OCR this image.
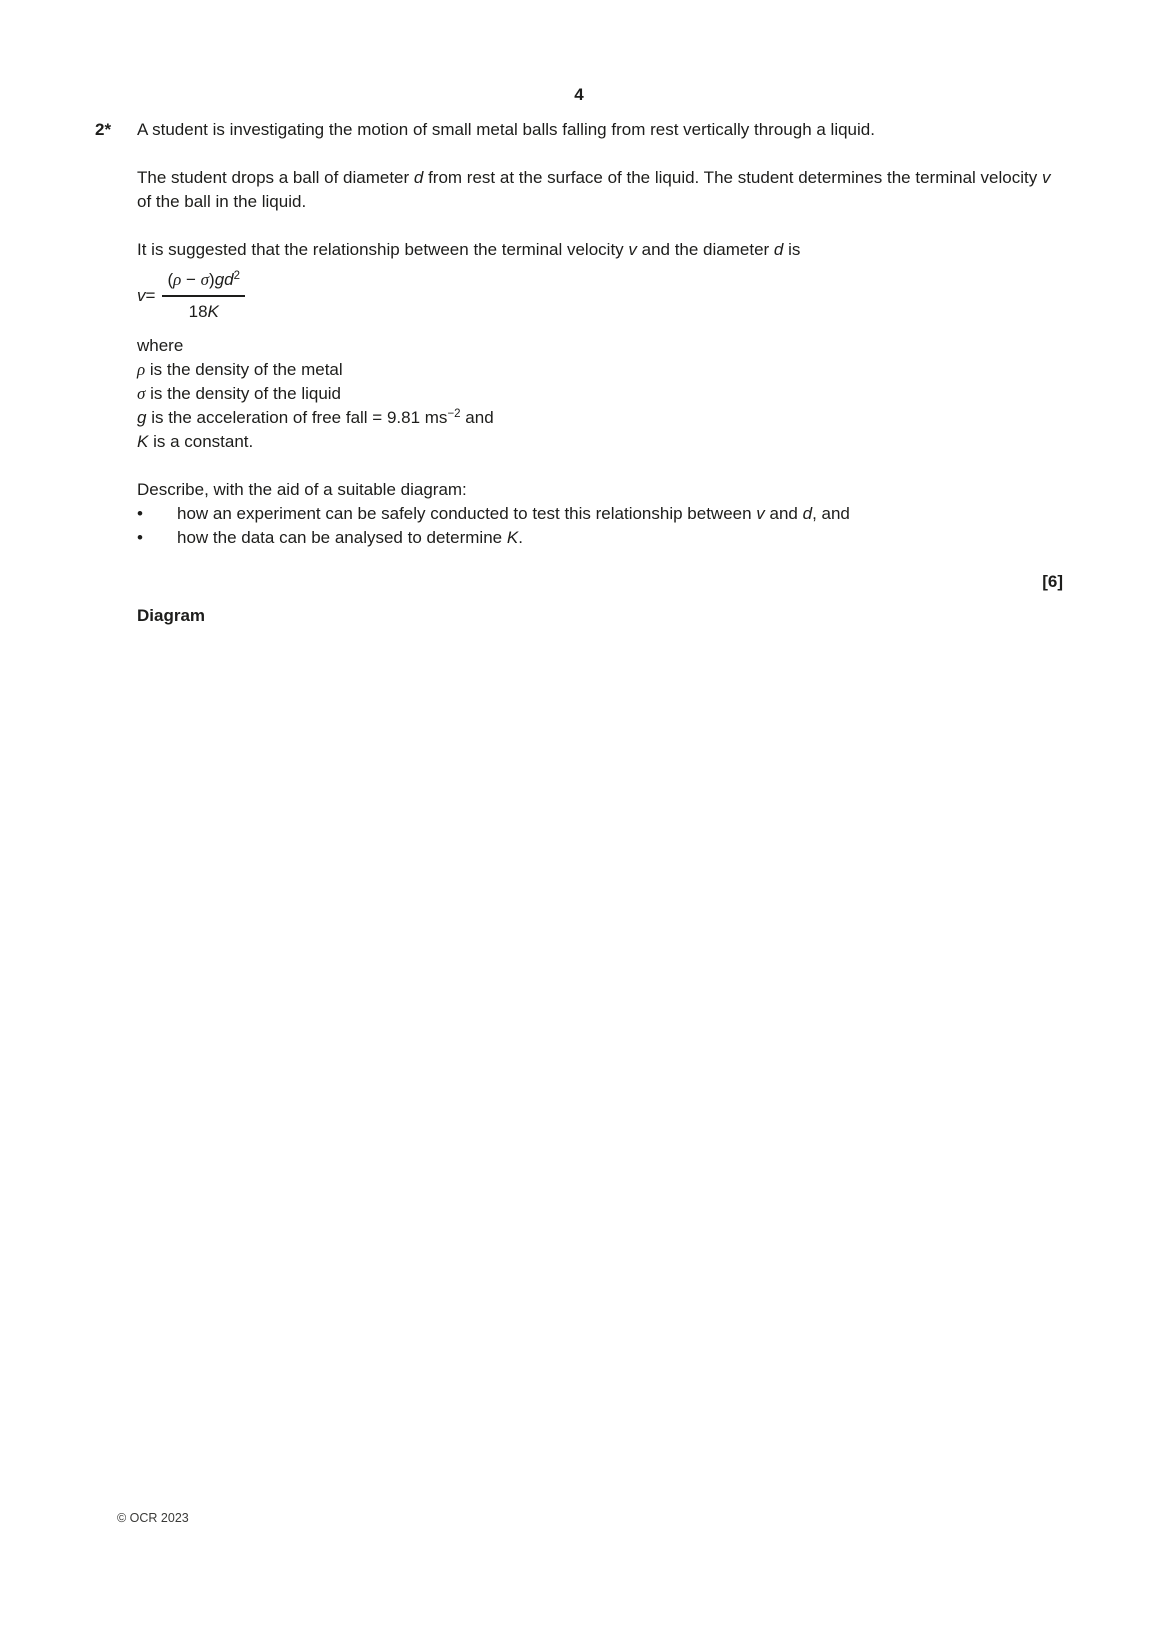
4
2*	A student is investigating the motion of small metal balls falling from rest vertically through a liquid.

The student drops a ball of diameter d from rest at the surface of the liquid. The student determines the terminal velocity v of the ball in the liquid.

It is suggested that the relationship between the terminal velocity v and the diameter d is

$v = \frac{(\rho - \sigma)gd^2}{18K}$
where
ρ is the density of the metal
σ is the density of the liquid
g is the acceleration of free fall = 9.81 $ms^{-2}$ and
K is a constant.
Describe, with the aid of a suitable diagram:
•	how an experiment can be safely conducted to test this relationship between v and d, and
•	how the data can be analysed to determine K.
[6]
Diagram
© OCR 2023
